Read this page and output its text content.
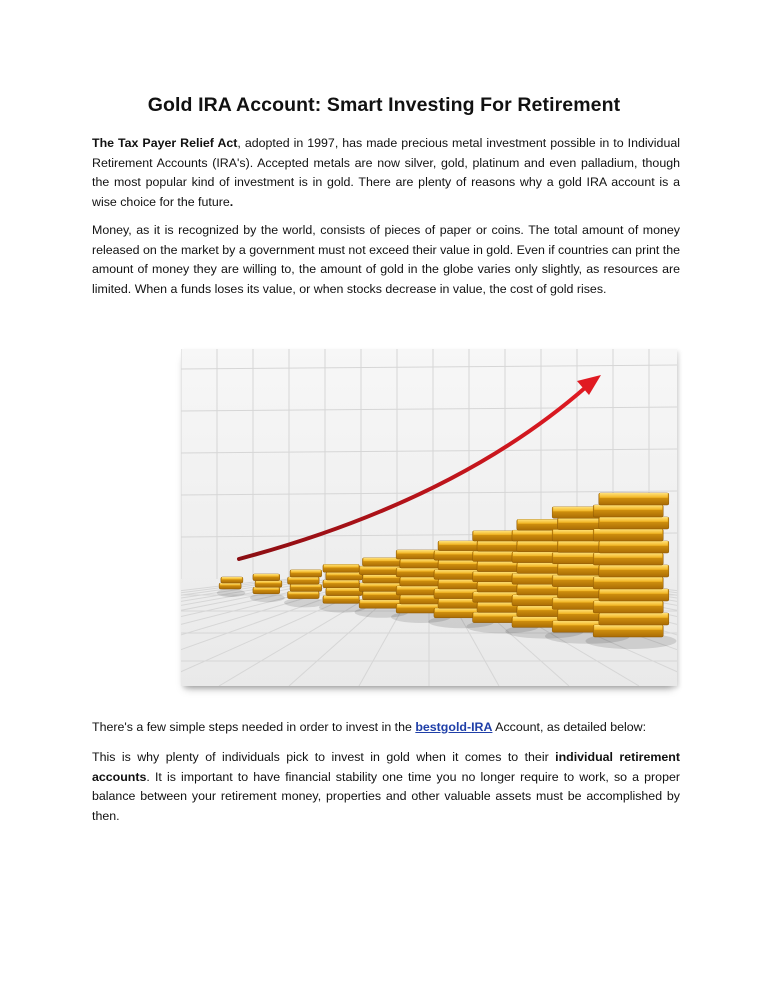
Gold IRA Account: Smart Investing For Retirement

The Tax Payer Relief Act, adopted in 1997, has made precious metal investment possible in to Individual Retirement Accounts (IRA's). Accepted metals are now silver, gold, platinum and even palladium, though the most popular kind of investment is in gold. There are plenty of reasons why a gold IRA account is a wise choice for the future.

Money, as it is recognized by the world, consists of pieces of paper or coins. The total amount of money released on the market by a government must not exceed their value in gold. Even if countries can print the amount of money they are willing to, the amount of gold in the globe varies only slightly, as resources are limited. When a funds loses its value, or when stocks decrease in value, the cost of gold rises.

There's a few simple steps needed in order to invest in the bestgold-IRA Account, as detailed below:

This is why plenty of individuals pick to invest in gold when it comes to their individual retirement accounts. It is important to have financial stability one time you no longer require to work, so a proper balance between your retirement money, properties and other valuable assets must be accomplished by then.
